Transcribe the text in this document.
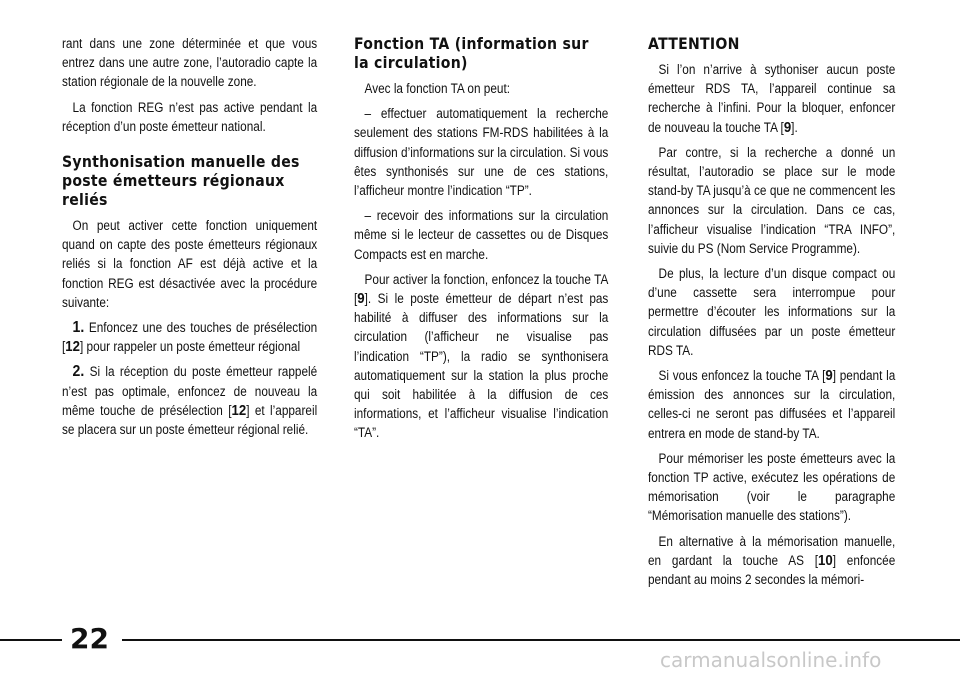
rant dans une zone déterminée et que vous entrez dans une autre zone, l’autoradio capte la station régionale de la nouvelle zone.

La fonction REG n’est pas active pendant la réception d’un poste émetteur national.

Synthonisation manuelle des poste émetteurs régionaux reliés

On peut activer cette fonction uniquement quand on capte des poste émetteurs régionaux reliés si la fonction AF est déjà active et la fonction REG est désactivée avec la procédure suivante:

1. Enfoncez une des touches de présélection [12] pour rappeler un poste émetteur régional

2. Si la réception du poste émetteur rappelé n’est pas optimale, enfoncez de nouveau la même touche de présélection [12] et l’appareil se placera sur un poste émetteur régional relié.

Fonction TA (information sur la circulation)

Avec la fonction TA on peut:

– effectuer automatiquement la recherche seulement des stations FM-RDS habilitées à la diffusion d’informations sur la circulation. Si vous êtes synthonisés sur une de ces stations, l’afficheur montre l’indication “TP”.

– recevoir des informations sur la circulation même si le lecteur de cassettes ou de Disques Compacts est en marche.

Pour activer la fonction, enfoncez la touche TA [9]. Si le poste émetteur de départ n’est pas habilité à diffuser des informations sur la circulation (l’afficheur ne visualise pas l’indication “TP”), la radio se synthonisera automatiquement sur la station la plus proche qui soit habilitée à la diffusion de ces informations, et l’afficheur visualise l’indication “TA”.

ATTENTION

Si l’on n’arrive à sythoniser aucun poste émetteur RDS TA, l’appareil continue sa recherche à l’infini. Pour la bloquer, enfoncer de nouveau la touche TA [9].

Par contre, si la recherche a donné un résultat, l’autoradio se place sur le mode stand-by TA jusqu’à ce que ne commencent les annonces sur la circulation. Dans ce cas, l’afficheur visualise l’indication “TRA INFO”, suivie du PS (Nom Service Programme).

De plus, la lecture d’un disque compact ou d’une cassette sera interrompue pour permettre d’écouter les informations sur la circulation diffusées par un poste émetteur RDS TA.

Si vous enfoncez la touche TA [9] pendant la émission des annonces sur la circulation, celles-ci ne seront pas diffusées et l’appareil entrera en mode de stand-by TA.

Pour mémoriser les poste émetteurs avec la fonction TP active, exécutez les opérations de mémorisation (voir le paragraphe “Mémorisation manuelle des stations”).

En alternative à la mémorisation manuelle, en gardant la touche AS [10] enfoncée pendant au moins 2 secondes la mémori-

22
carmanualsonline.info
